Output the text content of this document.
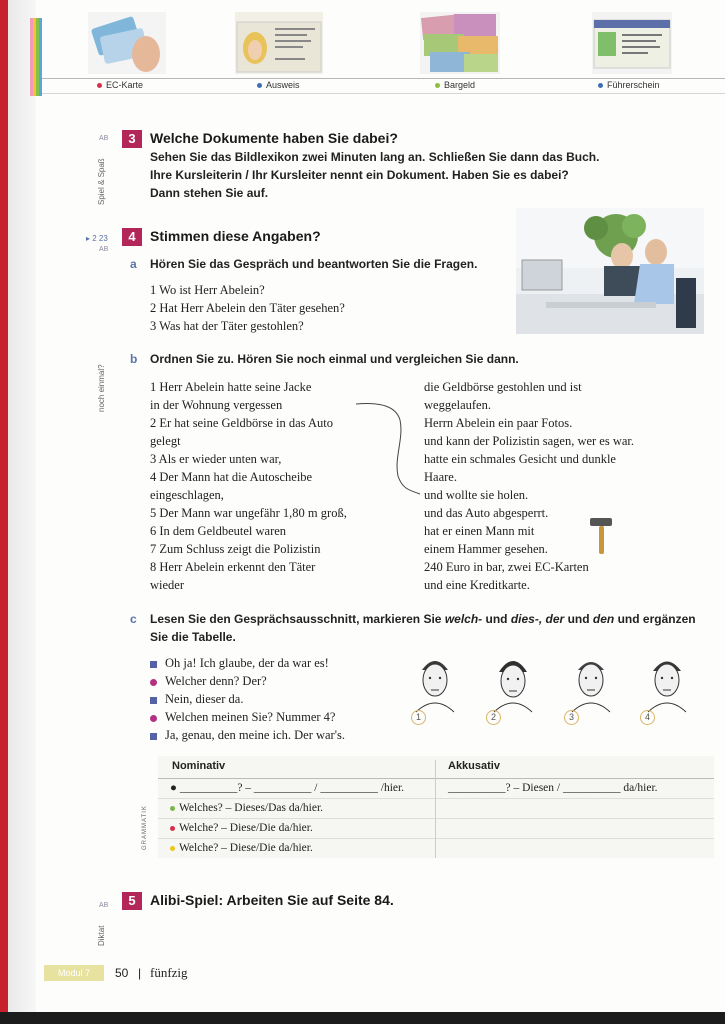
EC-Karte	Ausweis	Bargeld	Führerschein
AB	3	Welche Dokumente haben Sie dabei?
Spiel & Spaß
Sehen Sie das Bildlexikon zwei Minuten lang an. Schließen Sie dann das Buch.
Ihre Kursleiterin / Ihr Kursleiter nennt ein Dokument. Haben Sie es dabei?
Dann stehen Sie auf.
▸ 2 23
AB
4	Stimmen diese Angaben?
a Hören Sie das Gespräch und beantworten Sie die Fragen.
1 Wo ist Herr Abelein?
2 Hat Herr Abelein den Täter gesehen?
3 Was hat der Täter gestohlen?
b
noch einmal?
Ordnen Sie zu. Hören Sie noch einmal und vergleichen Sie dann.
1 Herr Abelein hatte seine Jacke
in der Wohnung vergessen
2 Er hat seine Geldbörse in das Auto
gelegt
3 Als er wieder unten war,
4 Der Mann hat die Autoscheibe
eingeschlagen,
5 Der Mann war ungefähr 1,80 m groß,
6 In dem Geldbeutel waren
7 Zum Schluss zeigt die Polizistin
8 Herr Abelein erkennt den Täter
wieder
die Geldbörse gestohlen und ist
weggelaufen.
Herrn Abelein ein paar Fotos.
und kann der Polizistin sagen, wer es war.
hatte ein schmales Gesicht und dunkle
Haare.
und wollte sie holen.
und das Auto abgesperrt.
hat er einen Mann mit
einem Hammer gesehen.
240 Euro in bar, zwei EC-Karten
und eine Kreditkarte.
c Lesen Sie den Gesprächsausschnitt, markieren Sie welch- und dies-, der und den und ergänzen
Sie die Tabelle.
Oh ja! Ich glaube, der da war es!
Welcher denn? Der?
Nein, dieser da.
Welchen meinen Sie? Nummer 4?
Ja, genau, den meine ich. Der war's.
1	2	3	4
GRAMMATIK
Nominativ	Akkusativ
● __________? – __________ / __________ /hier.	__________? – Diesen / __________ da/hier.
Welches? – Dieses/Das da/hier.
Welche? – Diese/Die da/hier.
Welche? – Diese/Die da/hier.
AB	5	Alibi-Spiel: Arbeiten Sie auf Seite 84.
Diktat
Modul 7	50 | fünfzig
